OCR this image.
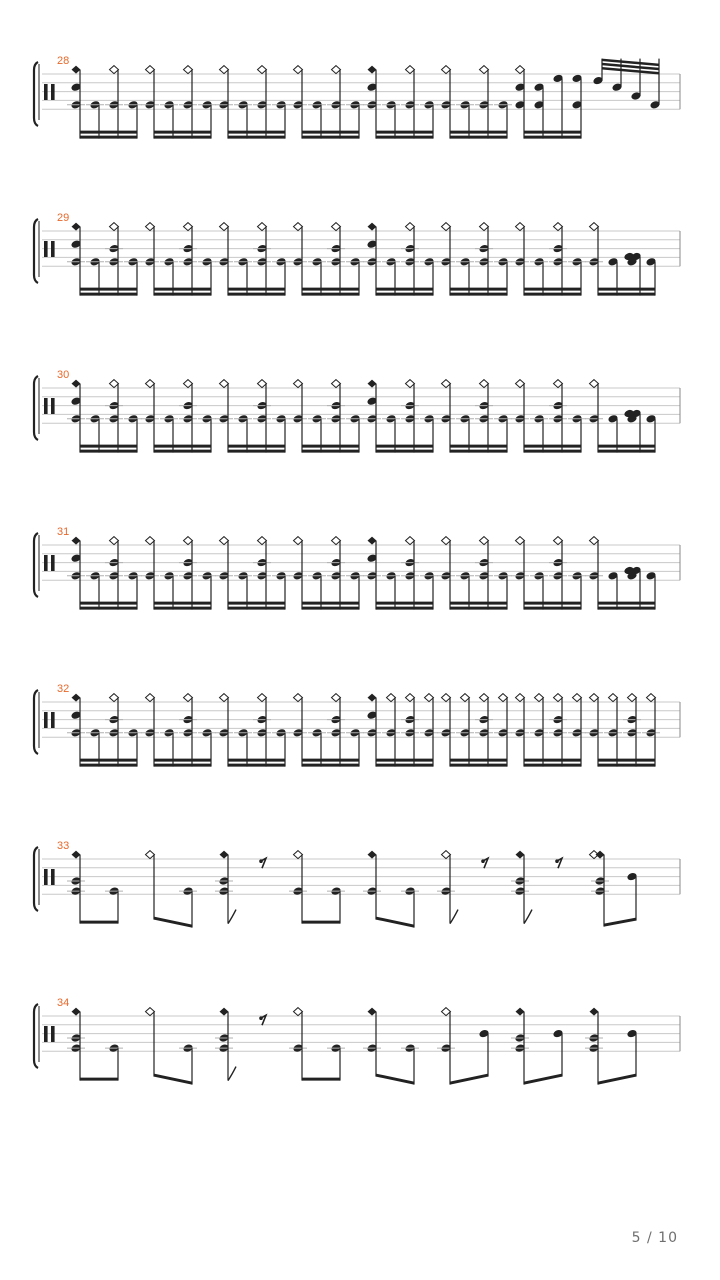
28
29
30
31
32
33
34
5 / 10
